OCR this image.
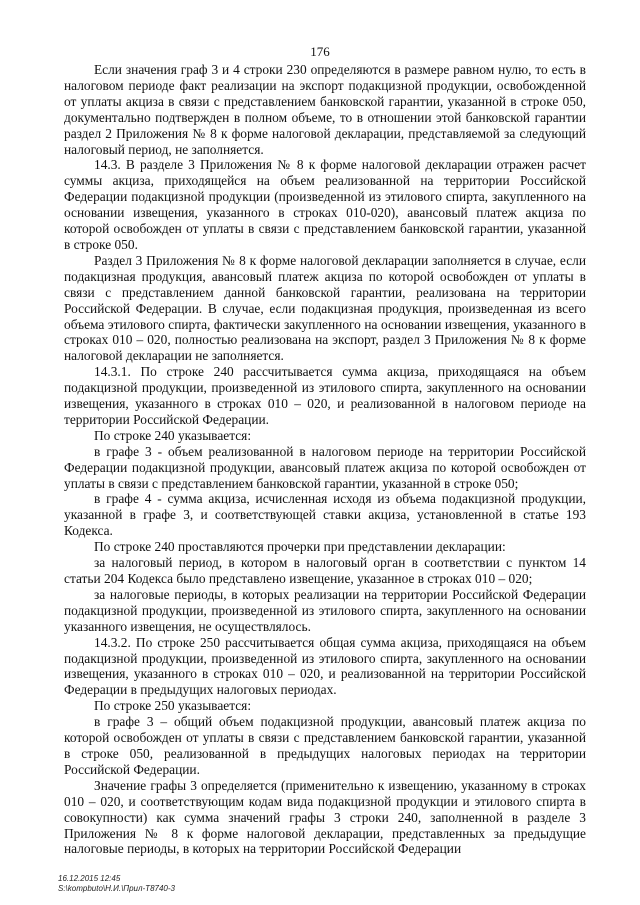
176

Если значения граф 3 и 4 строки 230 определяются в размере равном нулю, то есть в налоговом периоде факт реализации на экспорт подакцизной продукции, освобожденной от уплаты акциза в связи с представлением банковской гарантии, указанной в строке 050, документально подтвержден в полном объеме, то в отношении этой банковской гарантии раздел 2 Приложения № 8 к форме налоговой декларации, представляемой за следующий налоговый период, не заполняется.

14.3. В разделе 3 Приложения № 8 к форме налоговой декларации отражен расчет суммы акциза, приходящейся на объем реализованной на территории Российской Федерации подакцизной продукции (произведенной из этилового спирта, закупленного на основании извещения, указанного в строках 010-020), авансовый платеж акциза по которой освобожден от уплаты в связи с представлением банковской гарантии, указанной в строке 050.

Раздел 3 Приложения № 8 к форме налоговой декларации заполняется в случае, если подакцизная продукция, авансовый платеж акциза по которой освобожден от уплаты в связи с представлением данной банковской гарантии, реализована на территории Российской Федерации. В случае, если подакцизная продукция, произведенная из всего объема этилового спирта, фактически закупленного на основании извещения, указанного в строках 010 – 020, полностью реализована на экспорт, раздел 3 Приложения № 8 к форме налоговой декларации не заполняется.

14.3.1. По строке 240 рассчитывается сумма акциза, приходящаяся на объем подакцизной продукции, произведенной из этилового спирта, закупленного на основании извещения, указанного в строках 010 – 020, и реализованной в налоговом периоде на территории Российской Федерации.

По строке 240 указывается:

в графе 3 - объем реализованной в налоговом периоде на территории Российской Федерации подакцизной продукции, авансовый платеж акциза по которой освобожден от уплаты в связи с представлением банковской гарантии, указанной в строке 050;

в графе 4 - сумма акциза, исчисленная исходя из объема подакцизной продукции, указанной в графе 3, и соответствующей ставки акциза, установленной в статье 193 Кодекса.

По строке 240 проставляются прочерки при представлении декларации:

за налоговый период, в котором в налоговый орган в соответствии с пунктом 14 статьи 204 Кодекса было представлено извещение, указанное в строках 010 – 020;

за налоговые периоды, в которых реализации на территории Российской Федерации подакцизной продукции, произведенной из этилового спирта, закупленного на основании указанного извещения, не осуществлялось.

14.3.2. По строке 250 рассчитывается общая сумма акциза, приходящаяся на объем подакцизной продукции, произведенной из этилового спирта, закупленного на основании извещения, указанного в строках 010 – 020, и реализованной на территории Российской Федерации в предыдущих налоговых периодах.

По строке 250 указывается:

в графе 3 – общий объем подакцизной продукции, авансовый платеж акциза по которой освобожден от уплаты в связи с представлением банковской гарантии, указанной в строке 050, реализованной в предыдущих налоговых периодах на территории Российской Федерации.

Значение графы 3 определяется (применительно к извещению, указанному в строках 010 – 020, и соответствующим кодам вида подакцизной продукции и этилового спирта в совокупности) как сумма значений графы 3 строки 240, заполненной в разделе 3 Приложения № 8 к форме налоговой декларации, представленных за предыдущие налоговые периоды, в которых на территории Российской Федерации

16.12.2015 12:45
S:\kompbuto\Н.И.\Прил-Т8740-3
